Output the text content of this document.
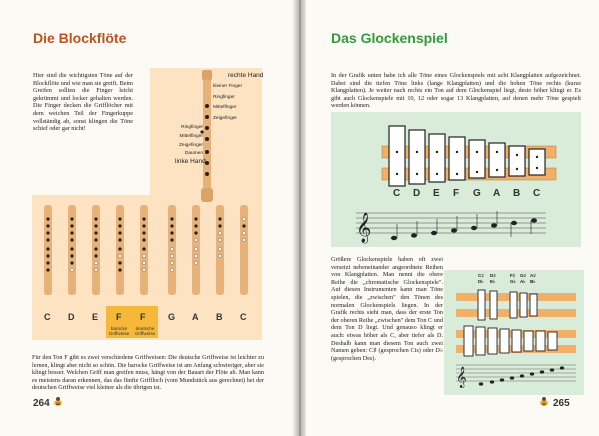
Die Blockflöte
Hier sind die wichtigsten Töne auf der Blockflöte und wie man sie greift. Beim Greifen sollten die Finger leicht gekrümmt und locker gehalten werden. Die Finger decken die Grifflöcher mit dem weichen Teil der Fingerkuppe vollständig ab, sonst klingen die Töne schief oder gar nicht!
rechte Hand
kleiner Finger
Ringfinger
Mittelfinger
Zeigefinger
Ringfinger
Mittelfinger
Zeigefinger
Daumen
linke Hand
C D E F F	G A B C
barocke Griffweise
deutsche Griffweise
Für den Ton F gibt es zwei verschiedene Griffweisen: Die deutsche Griffweise ist leichter zu lernen, klingt aber nicht so schön. Die barocke Griffweise ist am Anfang schwieriger, aber sie klingt besser. Welchen Griff man greifen muss, hängt von der Bauart der Flöte ab. Man kann es meistens daran erkennen, das das fünfte Griffloch (vom Mundstück aus gerechnet) bei der deutschen Griffweise viel kleiner als die übrigen ist.
264
Das Glockenspiel
In der Grafik unten habe ich alle Töne eines Glockenspiels mit acht Klangplatten aufgezeichnet. Dabei sind die tiefen Töne links (lange Klangplatten) und die hohen Töne rechts (kurze Klangplatten). Je weiter nach rechts ein Ton auf dem Glockenspiel liegt, desto höher klingt er. Es gibt auch Glockenspiele mit 10, 12 oder sogar 13 Klangplatten, auf denen mehr Töne gespielt werden können.
𝄞
𝄞
C D E F G A B C
C♯
D♭
D♯
E♭
F♯
G♭
G♯
A♭
A♯
B♭
Größere Glockenspiele haben oft zwei versetzt nebeneinander angeordnete Reihen von Klangplatten. Man nennt die obere Reihe die „chromatische Glockenspiele". Auf diesen Instrumenten kann man Töne spielen, die „zwischen" den Tönen des normalen Glockenspiels liegen. In der Grafik rechts sieht man, dass der erste Ton der oberen Reihe „zwischen" dem Ton C und dem Ton D liegt. Und genauso klingt er auch: etwas höher als C, aber tiefer als D. Deshalb kann man diesem Ton auch zwei Namen geben: C♯ (gesprochen Cis) oder D♭ (gesprochen Des).
265
